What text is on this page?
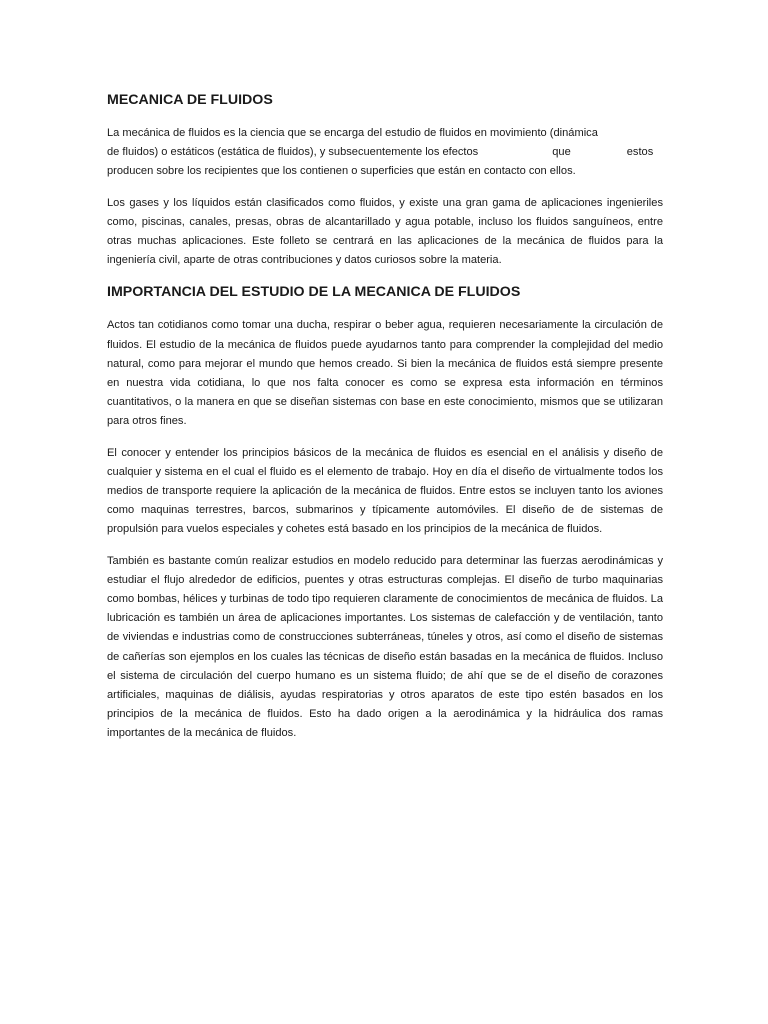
MECANICA DE FLUIDOS

La mecánica de fluidos es la ciencia que se encarga del estudio de fluidos en movimiento (dinámica
de fluidos) o estáticos (estática de fluidos), y subsecuentemente los efectos	que	estos
producen sobre los recipientes que los contienen o superficies que están en contacto con ellos.

Los gases y los líquidos están clasificados como fluidos, y existe una gran gama de aplicaciones ingenieriles como, piscinas, canales, presas, obras de alcantarillado y agua potable, incluso los fluidos sanguíneos, entre otras muchas aplicaciones. Este folleto se centrará en las aplicaciones de la mecánica de fluidos para la ingeniería civil, aparte de otras contribuciones y datos curiosos sobre la materia.

IMPORTANCIA DEL ESTUDIO DE LA MECANICA DE FLUIDOS

Actos tan cotidianos como tomar una ducha, respirar o beber agua, requieren necesariamente la circulación de fluidos. El estudio de la mecánica de fluidos puede ayudarnos tanto para comprender la complejidad del medio natural, como para mejorar el mundo que hemos creado. Si bien la mecánica de fluidos está siempre presente en nuestra vida cotidiana, lo que nos falta conocer es como se expresa esta información en términos cuantitativos, o la manera en que se diseñan sistemas con base en este conocimiento, mismos que se utilizaran para otros fines.

El conocer y entender los principios básicos de la mecánica de fluidos es esencial en el análisis y diseño de cualquier y sistema en el cual el fluido es el elemento de trabajo. Hoy en día el diseño de virtualmente todos los medios de transporte requiere la aplicación de la mecánica de fluidos. Entre estos se incluyen tanto los aviones como maquinas terrestres, barcos, submarinos y típicamente automóviles. El diseño de de sistemas de propulsión para vuelos especiales y cohetes está basado en los principios de la mecánica de fluidos.

También es bastante común realizar estudios en modelo reducido para determinar las fuerzas aerodinámicas y estudiar el flujo alrededor de edificios, puentes y otras estructuras complejas. El diseño de turbo maquinarias como bombas, hélices y turbinas de todo tipo requieren claramente de conocimientos de mecánica de fluidos. La lubricación es también un área de aplicaciones importantes. Los sistemas de calefacción y de ventilación, tanto de viviendas e industrias como de construcciones subterráneas, túneles y otros, así como el diseño de sistemas de cañerías son ejemplos en los cuales las técnicas de diseño están basadas en la mecánica de fluidos. Incluso el sistema de circulación del cuerpo humano es un sistema fluido; de ahí que se de el diseño de corazones artificiales, maquinas de diálisis, ayudas respiratorias y otros aparatos de este tipo estén basados en los principios de la mecánica de fluidos. Esto ha dado origen a la aerodinámica y la hidráulica dos ramas importantes de la mecánica de fluidos.
